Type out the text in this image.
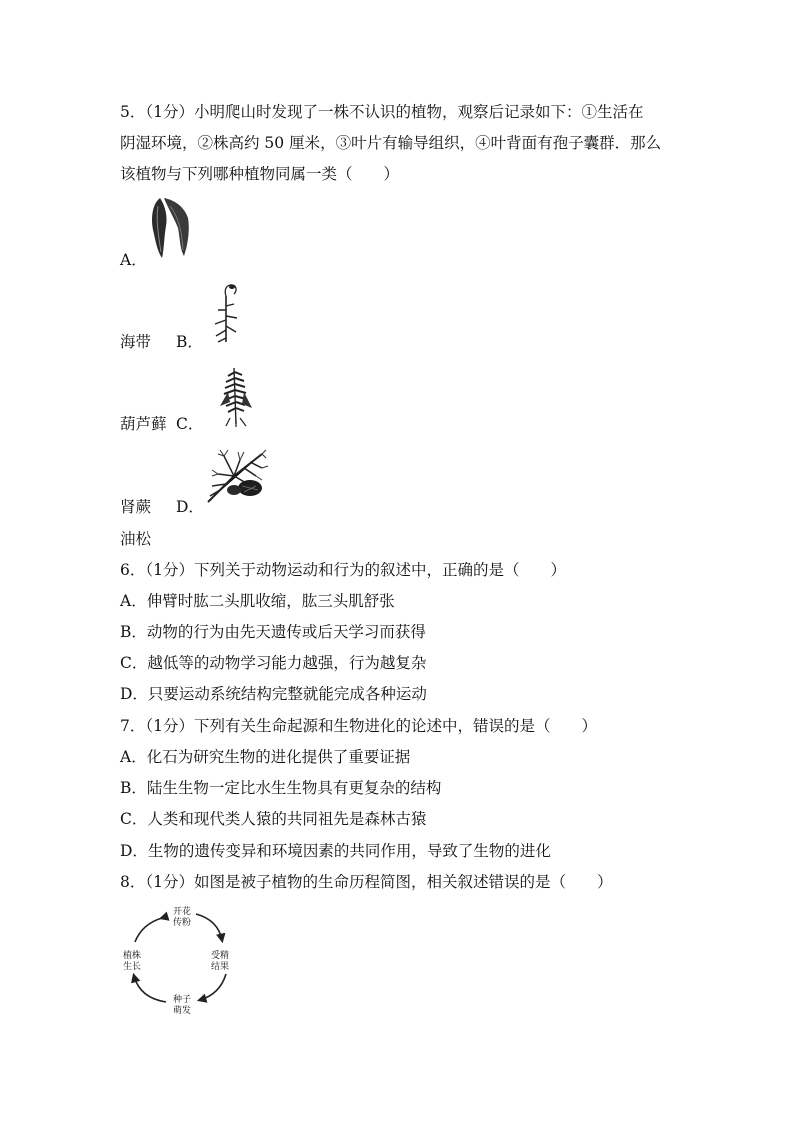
5．（1分）小明爬山时发现了一株不认识的植物，观察后记录如下：①生活在
阴湿环境，②株高约 50 厘米，③叶片有输导组织，④叶背面有孢子囊群．那么
该植物与下列哪种植物同属一类（　　）
A．
海带 B．
葫芦藓 C．
肾蕨 D．
油松
6．（1分）下列关于动物运动和行为的叙述中，正确的是（　　）
A．伸臂时肱二头肌收缩，肱三头肌舒张
B．动物的行为由先天遗传或后天学习而获得
C．越低等的动物学习能力越强，行为越复杂
D．只要运动系统结构完整就能完成各种运动
7．（1分）下列有关生命起源和生物进化的论述中，错误的是（　　）
A．化石为研究生物的进化提供了重要证据
B．陆生生物一定比水生生物具有更复杂的结构
C．人类和现代类人猿的共同祖先是森林古猿
D．生物的遗传变异和环境因素的共同作用，导致了生物的进化
8．（1分）如图是被子植物的生命历程简图，相关叙述错误的是（　　）
开花
传粉
受精
结果
种子
萌发
植株
生长
